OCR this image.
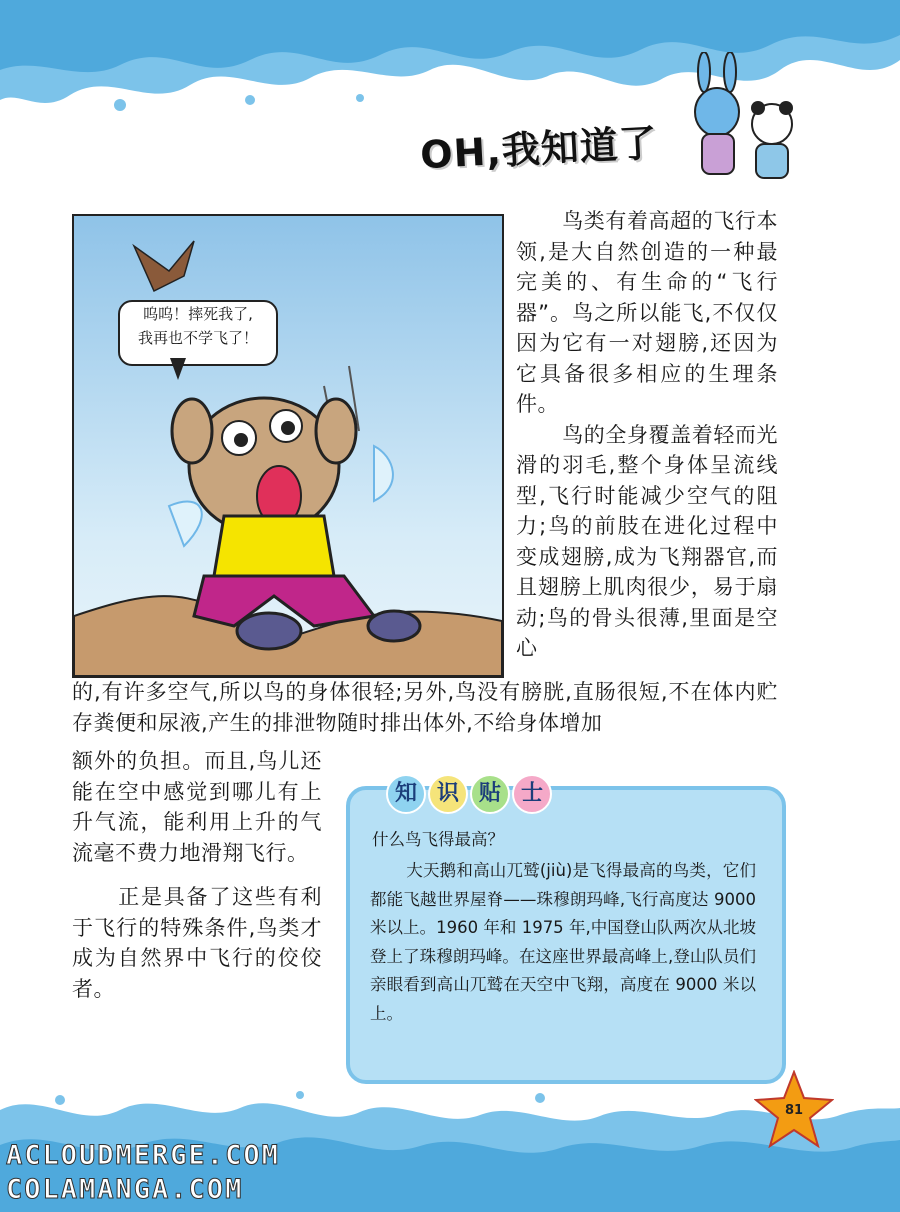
OH,我知道了
呜呜！摔死我了,
我再也不学飞了！

鸟类有着高超的飞行本领,是大自然创造的一种最完美的、有生命的“飞行器”。鸟之所以能飞,不仅仅因为它有一对翅膀,还因为它具备很多相应的生理条件。

鸟的全身覆盖着轻而光滑的羽毛,整个身体呈流线型,飞行时能减少空气的阻力;鸟的前肢在进化过程中变成翅膀,成为飞翔器官,而且翅膀上肌肉很少，易于扇动;鸟的骨头很薄,里面是空心

的,有许多空气,所以鸟的身体很轻;另外,鸟没有膀胱,直肠很短,不在体内贮存粪便和尿液,产生的排泄物随时排出体外,不给身体增加

额外的负担。而且,鸟儿还能在空中感觉到哪儿有上升气流，能利用上升的气流毫不费力地滑翔飞行。

正是具备了这些有利于飞行的特殊条件,鸟类才成为自然界中飞行的佼佼者。

知 识 贴 士
什么鸟飞得最高？
大天鹅和高山兀鹫(jiù)是飞得最高的鸟类，它们都能飞越世界屋脊——珠穆朗玛峰,飞行高度达 9000 米以上。1960 年和 1975 年,中国登山队两次从北坡登上了珠穆朗玛峰。在这座世界最高峰上,登山队员们亲眼看到高山兀鹫在天空中飞翔，高度在 9000 米以上。
81
ACLOUDMERGE.COM
COLAMANGA.COM
